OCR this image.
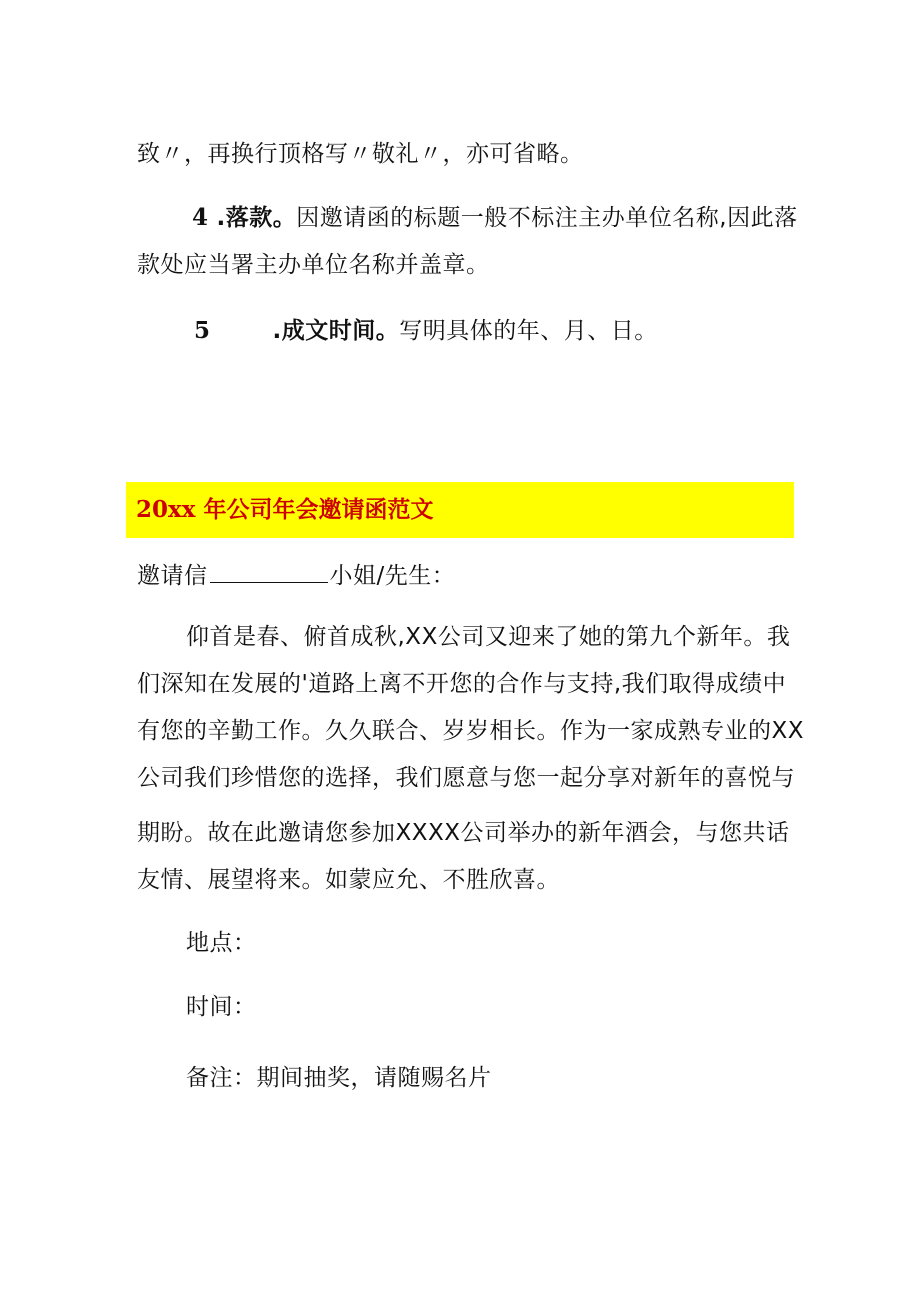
致〃，再换行顶格写〃敬礼〃，亦可省略。
4 .落款。因邀请函的标题一般不标注主办单位名称,因此落
款处应当署主办单位名称并盖章。
5	.成文时间。写明具体的年、月、日。
20xx 年公司年会邀请函范文
邀请信	小姐/先生：
仰首是春、俯首成秋,XX公司又迎来了她的第九个新年。我
们深知在发展的'道路上离不开您的合作与支持,我们取得成绩中
有您的辛勤工作。久久联合、岁岁相长。作为一家成熟专业的XX
公司我们珍惜您的选择，我们愿意与您一起分享对新年的喜悦与
期盼。故在此邀请您参加XXXX公司举办的新年酒会，与您共话
友情、展望将来。如蒙应允、不胜欣喜。
地点：
时间：
备注：期间抽奖，请随赐名片
